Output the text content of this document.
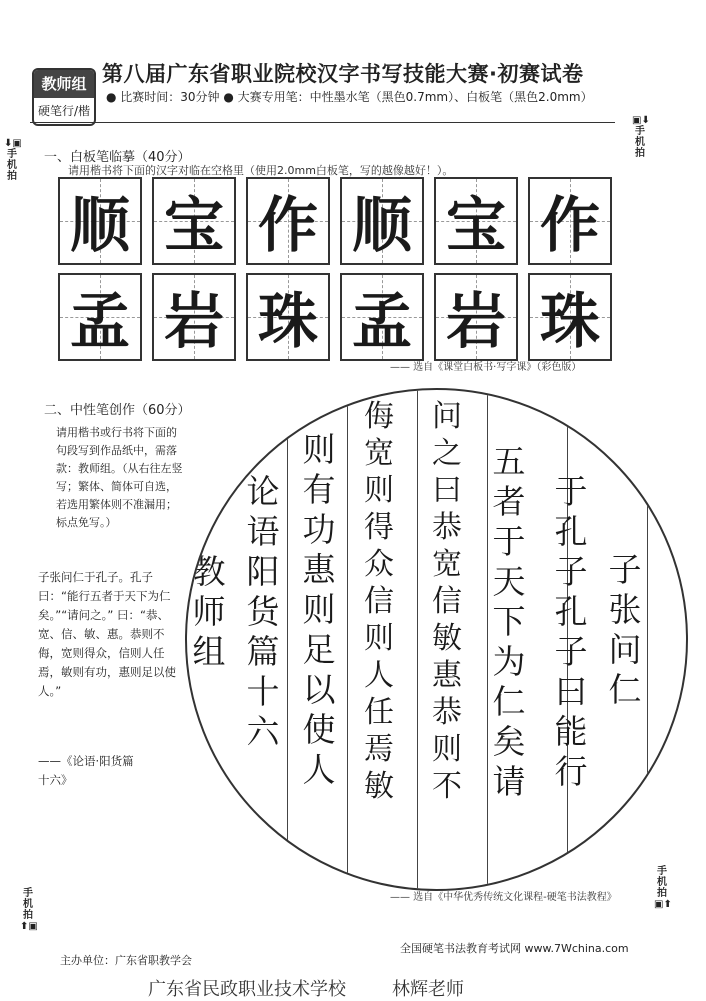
教师组
硬笔行/楷
第八届广东省职业院校汉字书写技能大赛·初赛试卷
● 比赛时间：30分钟 ● 大赛专用笔：中性墨水笔（黑色0.7mm）、白板笔（黑色2.0mm）
⬇▣
手机拍
▣⬇
手机拍
手机拍
⬆▣
手机拍
▣⬆
一、白板笔临摹（40分）
请用楷书将下面的汉字对临在空格里（使用2.0mm白板笔，写的越像越好！）。
顺 宝 作 顺 宝 作
孟 岩 珠 孟 岩 珠
—— 选自《课堂白板书·写字课》（彩色版）
二、中性笔创作（60分）
请用楷书或行书将下面的句段写到作品纸中，需落款：教师组。（从右往左竖写；繁体、简体可自选，若选用繁体则不准漏用；标点免写。）
子张问仁于孔子。孔子曰：“能行五者于天下为仁矣。”“请问之。” 曰：“恭、宽、信、敏、惠。恭则不侮，宽则得众，信则人任焉，敏则有功，惠则足以使人。”
——《论语·阳货篇十六》
子张问仁
于孔子孔子曰能行
五者于天下为仁矣请
问之曰恭宽信敏惠恭则不
侮宽则得众信则人任焉敏
则有功惠则足以使人
论语阳货篇十六
教师组
—— 选自《中华优秀传统文化课程-硬笔书法教程》
主办单位：广东省职教学会
全国硬笔书法教育考试网 www.7Wchina.com
广东省民政职业技术学校	林辉老师
